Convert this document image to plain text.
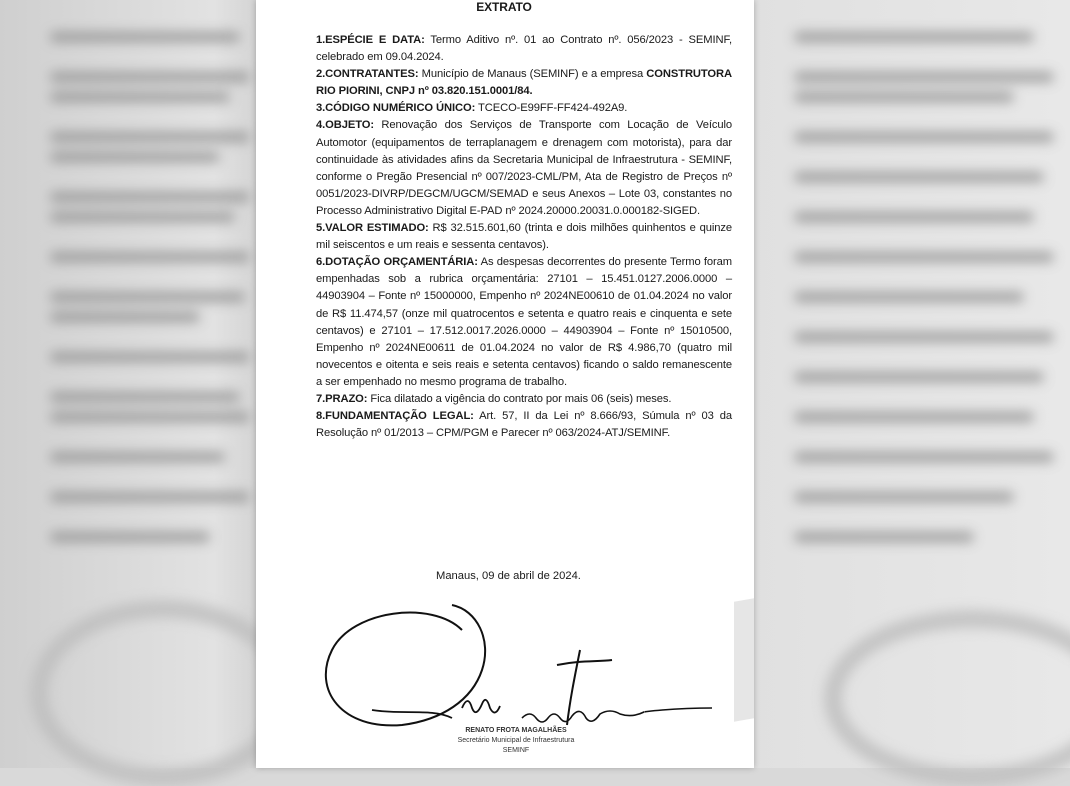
EXTRATO
1.ESPÉCIE E DATA: Termo Aditivo nº. 01 ao Contrato nº. 056/2023 - SEMINF, celebrado em 09.04.2024.
2.CONTRATANTES: Município de Manaus (SEMINF) e a empresa CONSTRUTORA RIO PIORINI, CNPJ nº 03.820.151.0001/84.
3.CÓDIGO NUMÉRICO ÚNICO: TCECO-E99FF-FF424-492A9.
4.OBJETO: Renovação dos Serviços de Transporte com Locação de Veículo Automotor (equipamentos de terraplanagem e drenagem com motorista), para dar continuidade às atividades afins da Secretaria Municipal de Infraestrutura - SEMINF, conforme o Pregão Presencial nº 007/2023-CML/PM, Ata de Registro de Preços nº 0051/2023-DIVRP/DEGCM/UGCM/SEMAD e seus Anexos – Lote 03, constantes no Processo Administrativo Digital E-PAD nº 2024.20000.20031.0.000182-SIGED.
5.VALOR ESTIMADO: R$ 32.515.601,60 (trinta e dois milhões quinhentos e quinze mil seiscentos e um reais e sessenta centavos).
6.DOTAÇÃO ORÇAMENTÁRIA: As despesas decorrentes do presente Termo foram empenhadas sob a rubrica orçamentária: 27101 – 15.451.0127.2006.0000 – 44903904 – Fonte nº 15000000, Empenho nº 2024NE00610 de 01.04.2024 no valor de R$ 11.474,57 (onze mil quatrocentos e setenta e quatro reais e cinquenta e sete centavos) e 27101 – 17.512.0017.2026.0000 – 44903904 – Fonte nº 15010500, Empenho nº 2024NE00611 de 01.04.2024 no valor de R$ 4.986,70 (quatro mil novecentos e oitenta e seis reais e setenta centavos) ficando o saldo remanescente a ser empenhado no mesmo programa de trabalho.
7.PRAZO: Fica dilatado a vigência do contrato por mais 06 (seis) meses.
8.FUNDAMENTAÇÃO LEGAL: Art. 57, II da Lei nº 8.666/93, Súmula nº 03 da Resolução nº 01/2013 – CPM/PGM e Parecer nº 063/2024-ATJ/SEMINF.
Manaus, 09 de abril de 2024.
RENATO FROTA MAGALHÃES
Secretário Municipal de Infraestrutura
SEMINF
